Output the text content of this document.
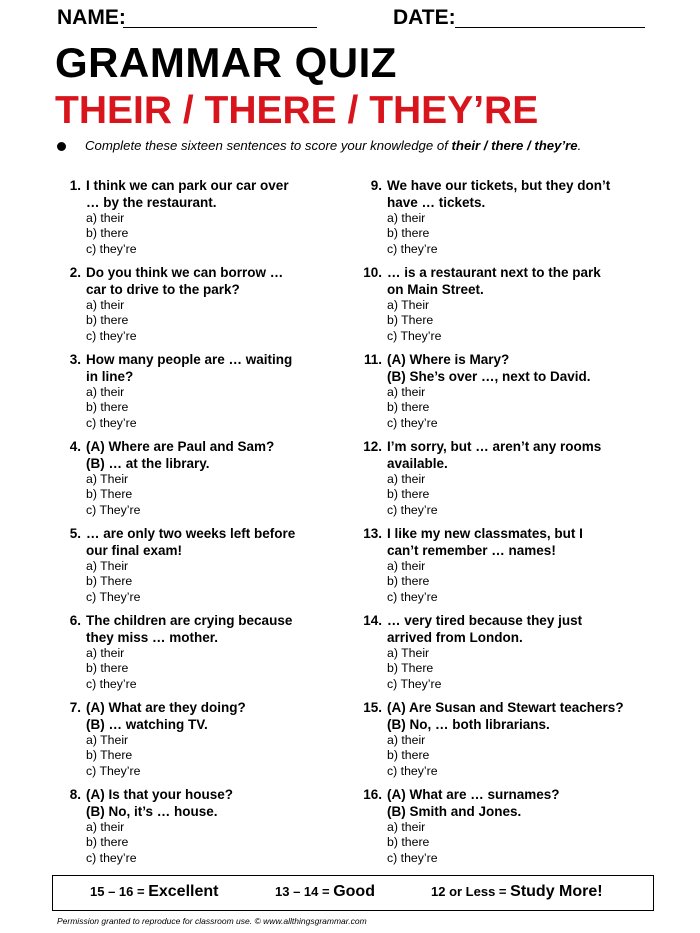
NAME:	DATE:
GRAMMAR QUIZ
THEIR / THERE / THEY’RE
Complete these sixteen sentences to score your knowledge of their / there / they’re.
1. I think we can park our car over
… by the restaurant.
a) their
b) there
c) they’re
2. Do you think we can borrow …
car to drive to the park?
a) their
b) there
c) they’re
3. How many people are … waiting
in line?
a) their
b) there
c) they’re
4. (A) Where are Paul and Sam?
(B) … at the library.
a) Their
b) There
c) They’re
5. … are only two weeks left before
our final exam!
a) Their
b) There
c) They’re
6. The children are crying because
they miss … mother.
a) their
b) there
c) they’re
7. (A) What are they doing?
(B) … watching TV.
a) Their
b) There
c) They’re
8. (A) Is that your house?
(B) No, it’s … house.
a) their
b) there
c) they’re
9. We have our tickets, but they don’t
have … tickets.
a) their
b) there
c) they’re
10. … is a restaurant next to the park
on Main Street.
a) Their
b) There
c) They’re
11. (A) Where is Mary?
(B) She’s over …, next to David.
a) their
b) there
c) they’re
12. I’m sorry, but … aren’t any rooms
available.
a) their
b) there
c) they’re
13. I like my new classmates, but I
can’t remember … names!
a) their
b) there
c) they’re
14. … very tired because they just
arrived from London.
a) Their
b) There
c) They’re
15. (A) Are Susan and Stewart teachers?
(B) No, … both librarians.
a) their
b) there
c) they’re
16. (A) What are … surnames?
(B) Smith and Jones.
a) their
b) there
c) they’re
15 – 16 = Excellent	13 – 14 = Good	12 or Less = Study More!
Permission granted to reproduce for classroom use. © www.allthingsgrammar.com
